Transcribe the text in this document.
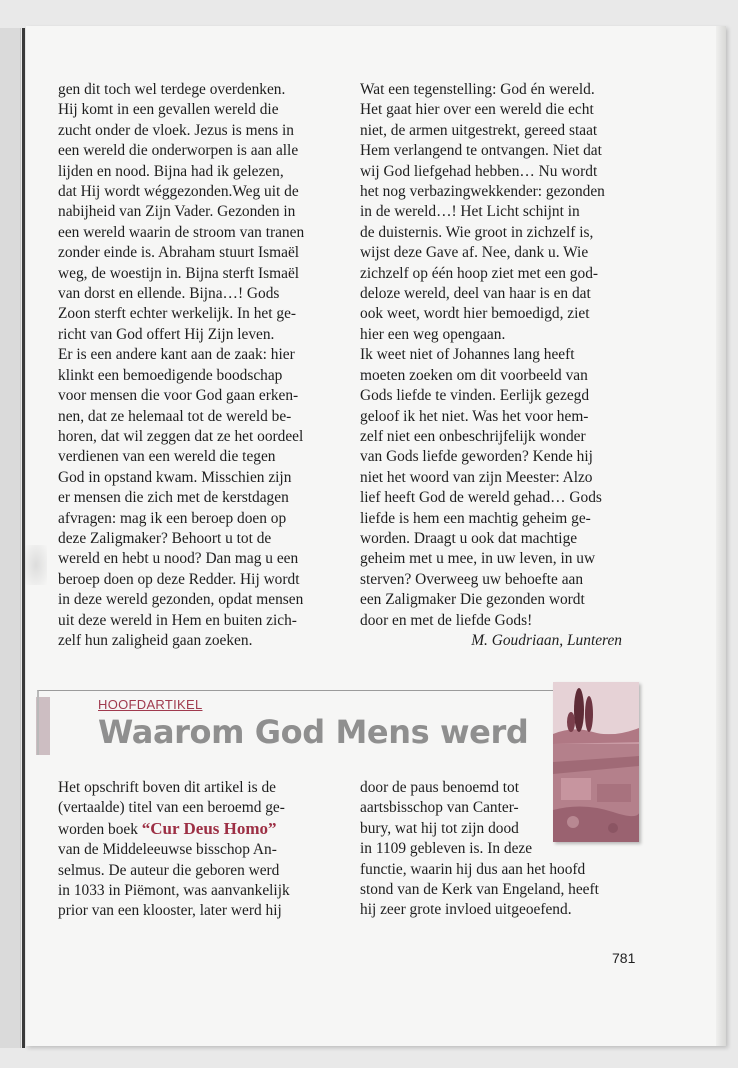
gen dit toch wel terdege overdenken.

Hij komt in een gevallen wereld die

zucht onder de vloek. Jezus is mens in

een wereld die onderworpen is aan alle

lijden en nood. Bijna had ik gelezen,

dat Hij wordt wéggezonden.Weg uit de

nabijheid van Zijn Vader. Gezonden in

een wereld waarin de stroom van tranen

zonder einde is. Abraham stuurt Ismaël

weg, de woestijn in. Bijna sterft Ismaël

van dorst en ellende. Bijna…! Gods

Zoon sterft echter werkelijk. In het ge-

richt van God offert Hij Zijn leven.

Er is een andere kant aan de zaak: hier

klinkt een bemoedigende boodschap

voor mensen die voor God gaan erken-

nen, dat ze helemaal tot de wereld be-

horen, dat wil zeggen dat ze het oordeel

verdienen van een wereld die tegen

God in opstand kwam. Misschien zijn

er mensen die zich met de kerstdagen

afvragen: mag ik een beroep doen op

deze Zaligmaker? Behoort u tot de

wereld en hebt u nood? Dan mag u een

beroep doen op deze Redder. Hij wordt

in deze wereld gezonden, opdat mensen

uit deze wereld in Hem en buiten zich-

zelf hun zaligheid gaan zoeken.

Wat een tegenstelling: God én wereld.

Het gaat hier over een wereld die echt

niet, de armen uitgestrekt, gereed staat

Hem verlangend te ontvangen. Niet dat

wij God liefgehad hebben… Nu wordt

het nog verbazingwekkender: gezonden

in de wereld…! Het Licht schijnt in

de duisternis. Wie groot in zichzelf is,

wijst deze Gave af. Nee, dank u. Wie

zichzelf op één hoop ziet met een god-

deloze wereld, deel van haar is en dat

ook weet, wordt hier bemoedigd, ziet

hier een weg opengaan.

Ik weet niet of Johannes lang heeft

moeten zoeken om dit voorbeeld van

Gods liefde te vinden. Eerlijk gezegd

geloof ik het niet. Was het voor hem-

zelf niet een onbeschrijfelijk wonder

van Gods liefde geworden? Kende hij

niet het woord van zijn Meester: Alzo

lief heeft God de wereld gehad… Gods

liefde is hem een machtig geheim ge-

worden. Draagt u ook dat machtige

geheim met u mee, in uw leven, in uw

sterven? Overweeg uw behoefte aan

een Zaligmaker Die gezonden wordt

door en met de liefde Gods!

M. Goudriaan, Lunteren

HOOFDARTIKEL
Waarom God Mens werd

Het opschrift boven dit artikel is de

(vertaalde) titel van een beroemd ge-

worden boek “Cur Deus Homo”

van de Middeleeuwse bisschop An-

selmus. De auteur die geboren werd

in 1033 in Piëmont, was aanvankelijk

prior van een klooster, later werd hij

door de paus benoemd tot

aartsbisschop van Canter-

bury, wat hij tot zijn dood

in 1109 gebleven is. In deze

functie, waarin hij dus aan het hoofd

stond van de Kerk van Engeland, heeft

hij zeer grote invloed uitgeoefend.

781
